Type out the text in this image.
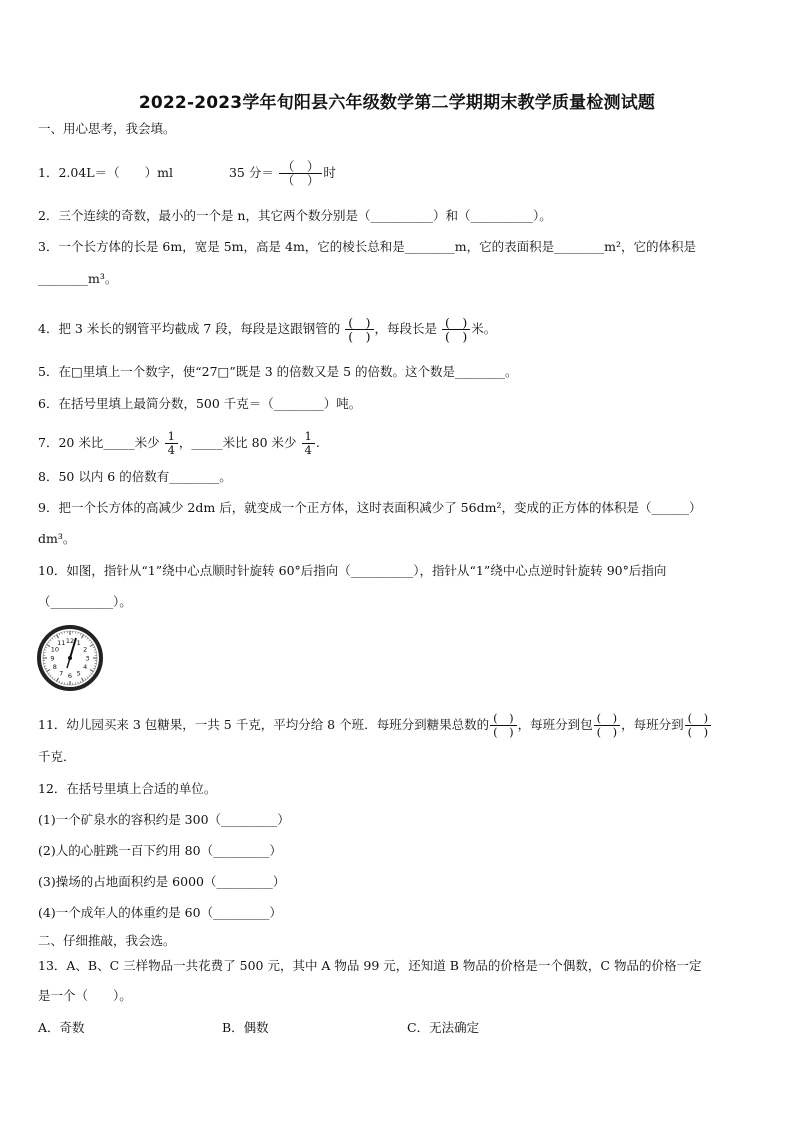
2022-2023学年旬阳县六年级数学第二学期期末教学质量检测试题
一、用心思考，我会填。
1．2.04L＝（　　）ml	35 分＝ $\frac{( )}{( )}$ 时
2．三个连续的奇数，最小的一个是 n，其它两个数分别是（__________）和（__________）。
3．一个长方体的长是 6m，宽是 5m，高是 4m，它的棱长总和是________m，它的表面积是________m²，它的体积是
________m³。
4．把 3 米长的钢管平均截成 7 段，每段是这跟钢管的 $\frac{( )}{( )}$ ，每段长是 $\frac{( )}{( )}$ 米。
5．在□里填上一个数字，使“27□”既是 3 的倍数又是 5 的倍数。这个数是________。
6．在括号里填上最简分数，500 千克＝（________）吨。
7．20 米比_____米少 $\frac{1}{4}$ ，_____米比 80 米少 $\frac{1}{4}$ .
8．50 以内 6 的倍数有________。
9．把一个长方体的高减少 2dm 后，就变成一个正方体，这时表面积减少了 56dm²，变成的正方体的体积是（______）
dm³。
10．如图，指针从“1”绕中心点顺时针旋转 60°后指向（__________），指针从“1”绕中心点逆时针旋转 90°后指向
（__________）。
12 1
2
3
4
5
6
7
8
9
10
11
11．幼儿园买来 3 包糖果，一共 5 千克，平均分给 8 个班．每班分到糖果总数的 $\frac{( )}{( )}$ ，每班分到包 $\frac{( )}{( )}$ ，每班分到 $\frac{( )}{( )}$
千克．
12．在括号里填上合适的单位。
(1)一个矿泉水的容积约是 300（_________）
(2)人的心脏跳一百下约用 80（_________）
(3)操场的占地面积约是 6000（_________）
(4)一个成年人的体重约是 60（_________）
二、仔细推敲，我会选。
13．A、B、C 三样物品一共花费了 500 元，其中 A 物品 99 元，还知道 B 物品的价格是一个偶数，C 物品的价格一定
是一个（　　）。
A．奇数	B．偶数	C．无法确定
